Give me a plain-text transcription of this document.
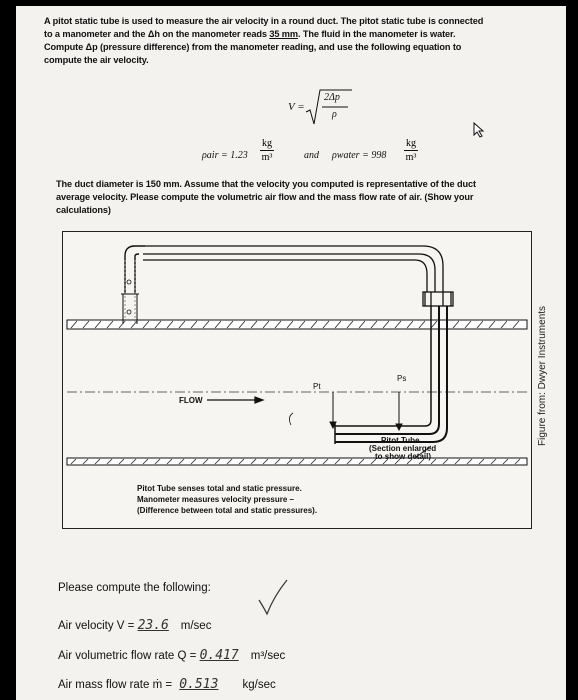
A pitot static tube is used to measure the air velocity in a round duct. The pitot static tube is connected
to a manometer and the Δh on the manometer reads 35 mm. The fluid in the manometer is water.
Compute Δp (pressure difference) from the manometer reading, and use the following equation to
compute the air velocity.
V =
2Δp
ρ
ρair = 1.23
kg
m³	and ρwater = 998
kg
m³
The duct diameter is 150 mm. Assume that the velocity you computed is representative of the duct
average velocity. Please compute the volumetric air flow and the mass flow rate of air. (Show your
calculations)
FLOW
Pt
Ps
Pitot Tube
(Section enlarged
to show detail)
Pitot Tube senses total and static pressure.
Manometer measures velocity pressure –
(Difference between total and static pressures).
Figure from: Dwyer Instruments
Please compute the following:
Air velocity V = 23.6 m/sec
Air volumetric flow rate Q = 0.417 m³/sec
Air mass flow rate ṁ = 0.513 kg/sec
